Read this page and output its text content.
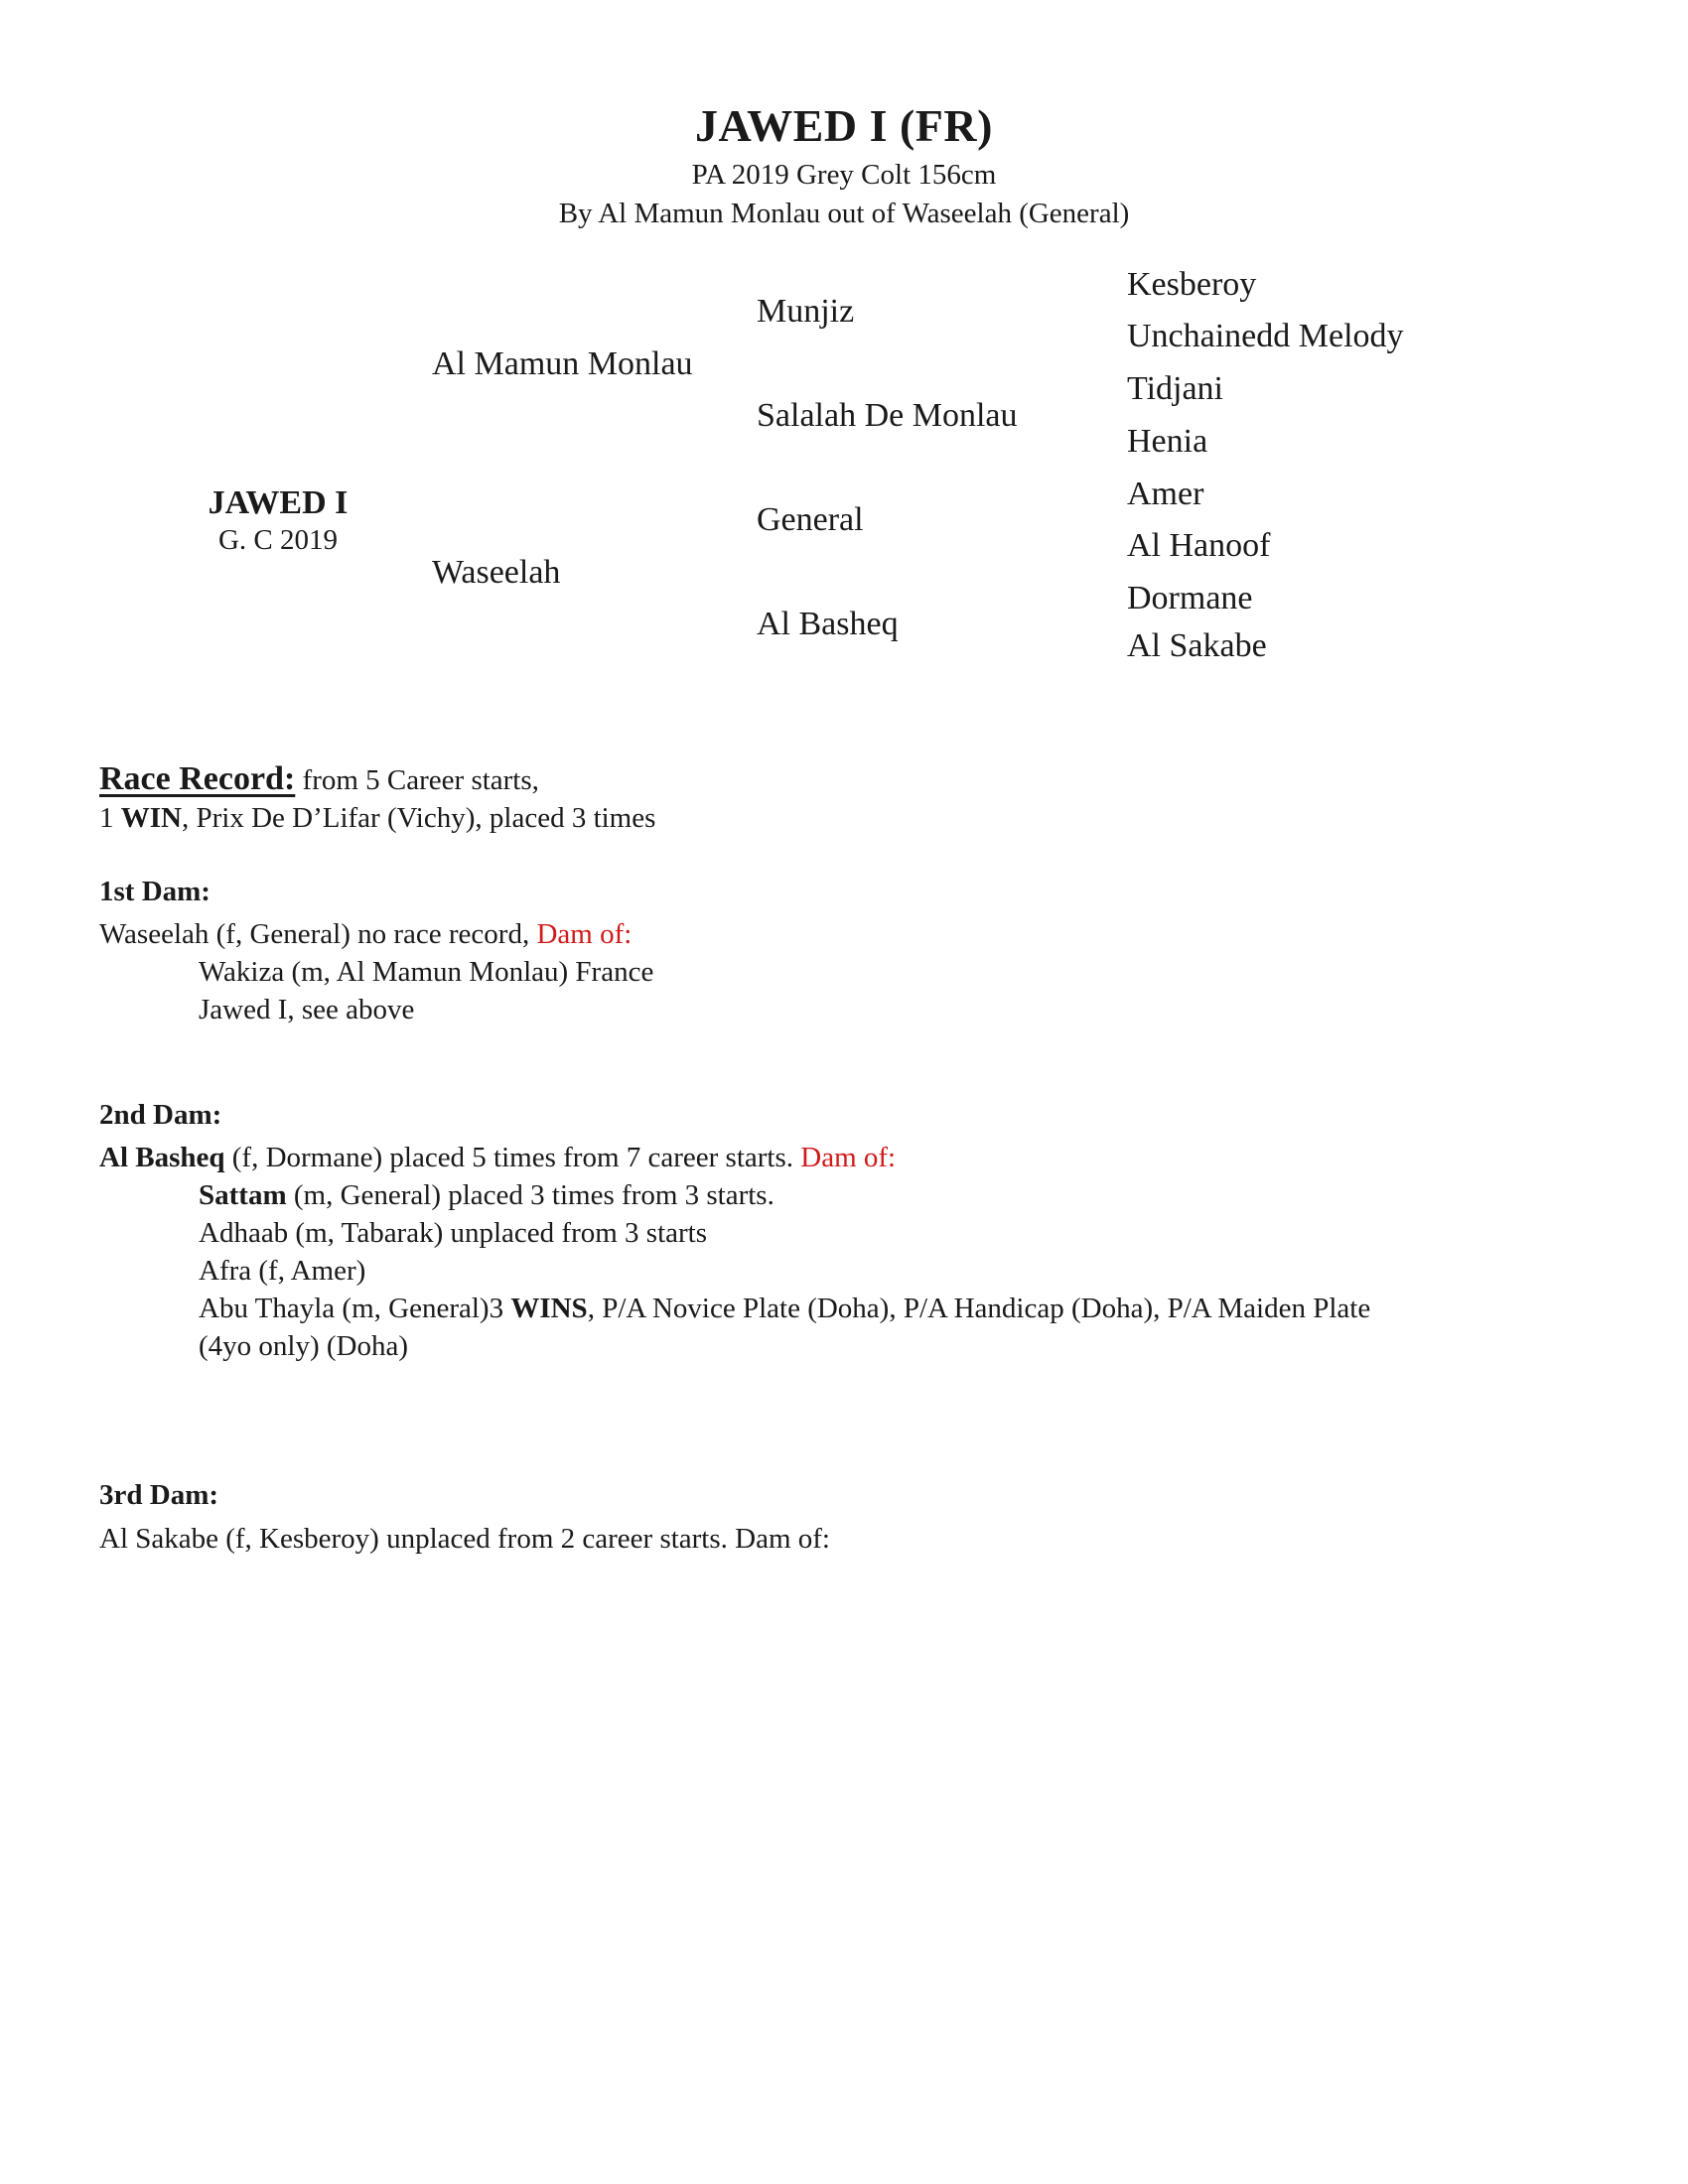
JAWED I (FR)
PA 2019 Grey Colt 156cm
By Al Mamun Monlau out of Waseelah (General)
JAWED I
G. C 2019
Al Mamun Monlau
Waseelah
Munjiz
Salalah De Monlau
General
Al Basheq
Kesberoy
Unchainedd Melody
Tidjani
Henia
Amer
Al Hanoof
Dormane
Al Sakabe
Race Record: from 5 Career starts,
1 WIN, Prix De D’Lifar (Vichy), placed 3 times
1st Dam:
Waseelah (f, General) no race record, Dam of:
Wakiza (m, Al Mamun Monlau) France
Jawed I, see above
2nd Dam:
Al Basheq (f, Dormane) placed 5 times from 7 career starts. Dam of:
Sattam (m, General) placed 3 times from 3 starts.
Adhaab (m, Tabarak) unplaced from 3 starts
Afra (f, Amer)
Abu Thayla (m, General)3 WINS, P/A Novice Plate (Doha), P/A Handicap (Doha), P/A Maiden Plate
(4yo only) (Doha)
3rd Dam:
Al Sakabe (f, Kesberoy) unplaced from 2 career starts. Dam of:
